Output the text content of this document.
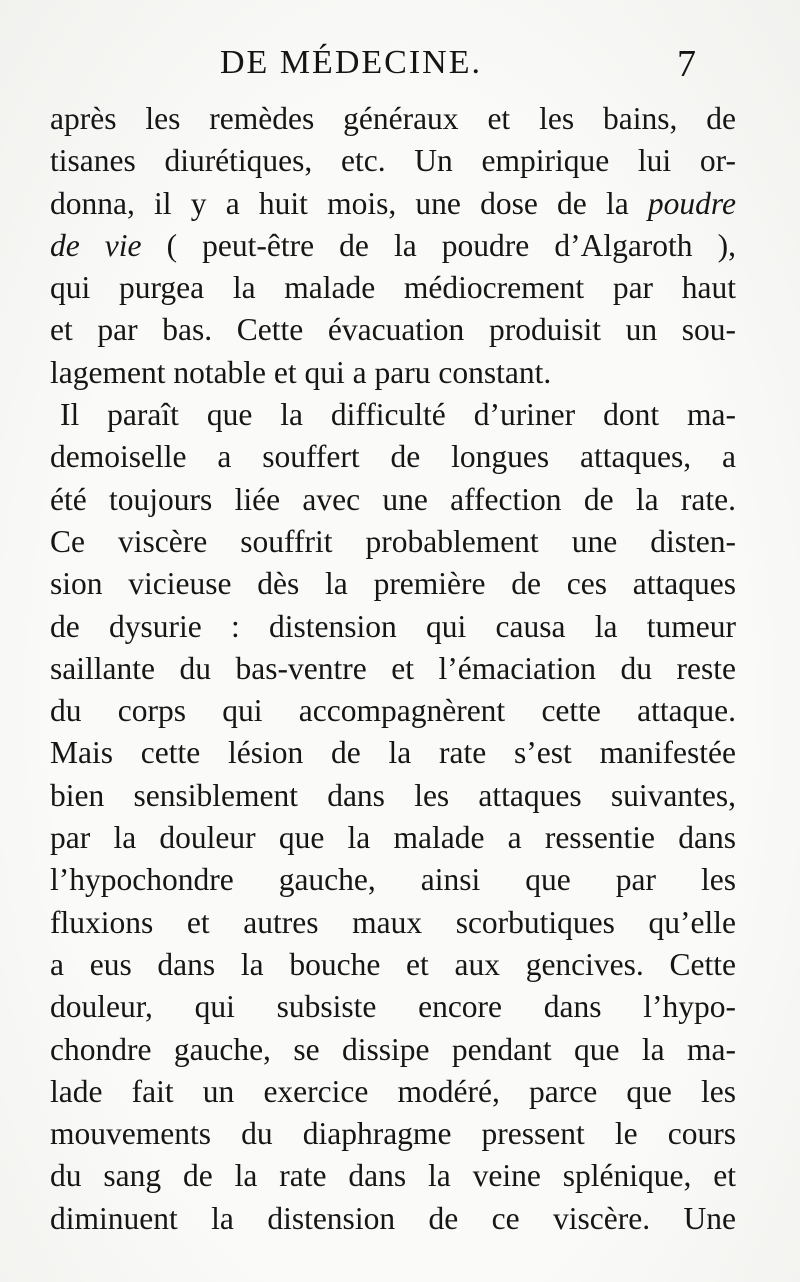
DE MÉDECINE.	7
après les remèdes généraux et les bains, de
tisanes diurétiques, etc. Un empirique lui or-
donna, il y a huit mois, une dose de la poudre
de vie ( peut-être de la poudre d’Algaroth ),
qui purgea la malade médiocrement par haut
et par bas. Cette évacuation produisit un sou-
lagement notable et qui a paru constant.
Il paraît que la difficulté d’uriner dont ma-
demoiselle a souffert de longues attaques, a
été toujours liée avec une affection de la rate.
Ce viscère souffrit probablement une disten-
sion vicieuse dès la première de ces attaques
de dysurie : distension qui causa la tumeur
saillante du bas-ventre et l’émaciation du reste
du corps qui accompagnèrent cette attaque.
Mais cette lésion de la rate s’est manifestée
bien sensiblement dans les attaques suivantes,
par la douleur que la malade a ressentie dans
l’hypochondre gauche, ainsi que par les
fluxions et autres maux scorbutiques qu’elle
a eus dans la bouche et aux gencives. Cette
douleur, qui subsiste encore dans l’hypo-
chondre gauche, se dissipe pendant que la ma-
lade fait un exercice modéré, parce que les
mouvements du diaphragme pressent le cours
du sang de la rate dans la veine splénique, et
diminuent la distension de ce viscère. Une
